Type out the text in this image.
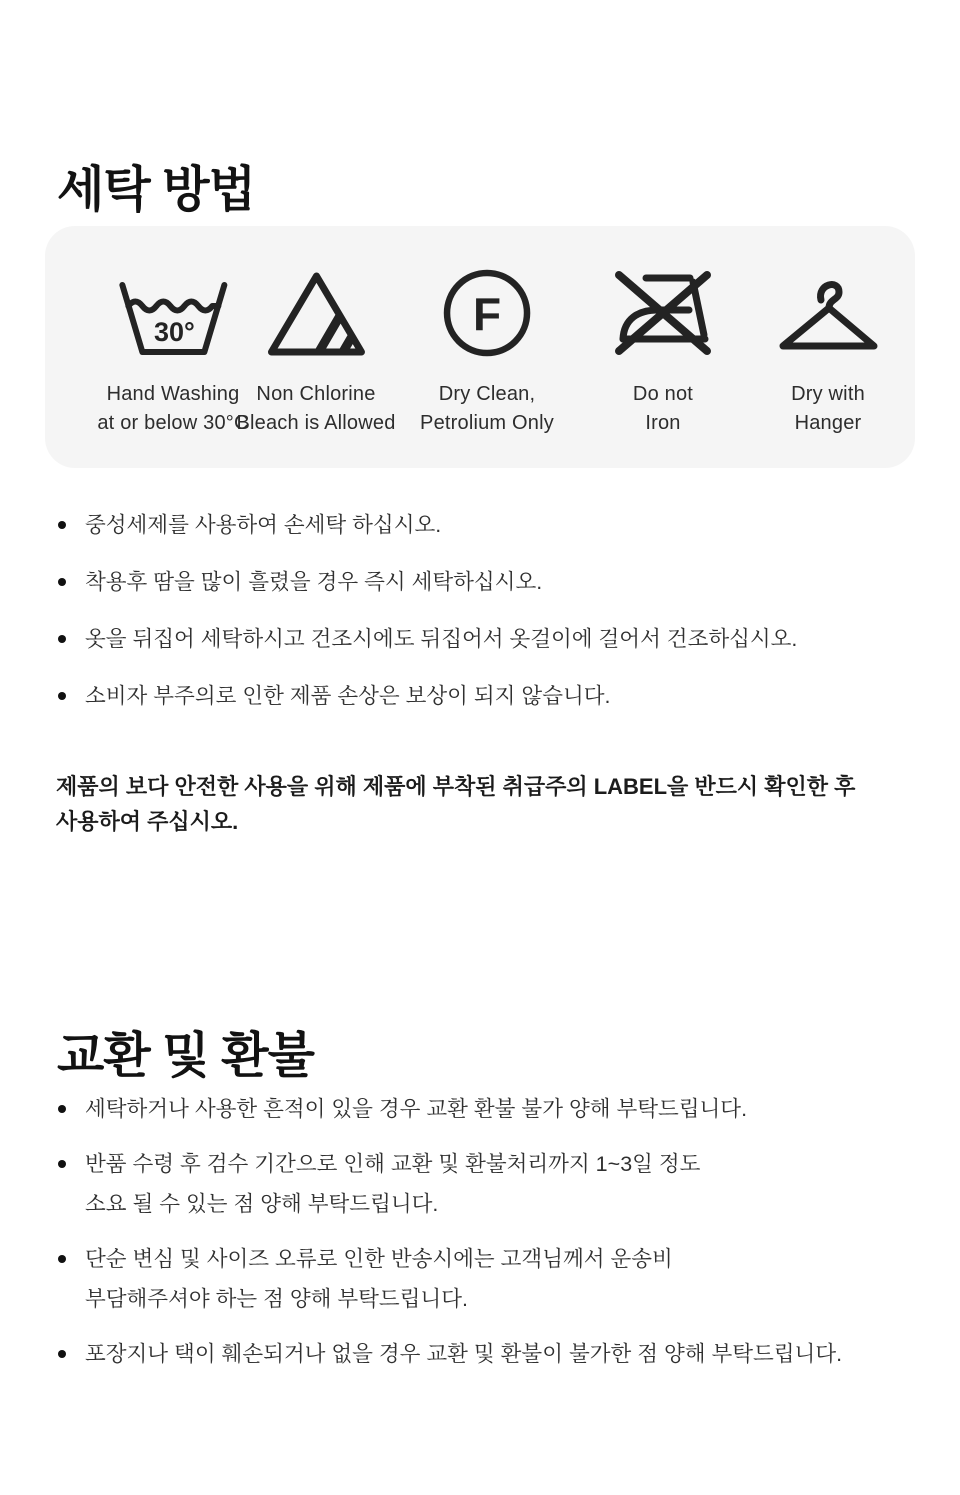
세탁 방법
30°
Hand Washing
at or below 30°C
Non Chlorine
Bleach is Allowed
F
Dry Clean,
Petrolium Only
Do not
Iron
Dry with
Hanger
중성세제를 사용하여 손세탁 하십시오.
착용후 땀을 많이 흘렸을 경우 즉시 세탁하십시오.
옷을 뒤집어 세탁하시고 건조시에도 뒤집어서 옷걸이에 걸어서 건조하십시오.
소비자 부주의로 인한 제품 손상은 보상이 되지 않습니다.

제품의 보다 안전한 사용을 위해 제품에 부착된 취급주의 LABEL을 반드시 확인한 후
사용하여 주십시오.

교환 및 환불
세탁하거나 사용한 흔적이 있을 경우 교환 환불 불가 양해 부탁드립니다.
반품 수령 후 검수 기간으로 인해 교환 및 환불처리까지 1~3일 정도
소요 될 수 있는 점 양해 부탁드립니다.
단순 변심 및 사이즈 오류로 인한 반송시에는 고객님께서 운송비
부담해주셔야 하는 점 양해 부탁드립니다.
포장지나 택이 훼손되거나 없을 경우 교환 및 환불이 불가한 점 양해 부탁드립니다.
